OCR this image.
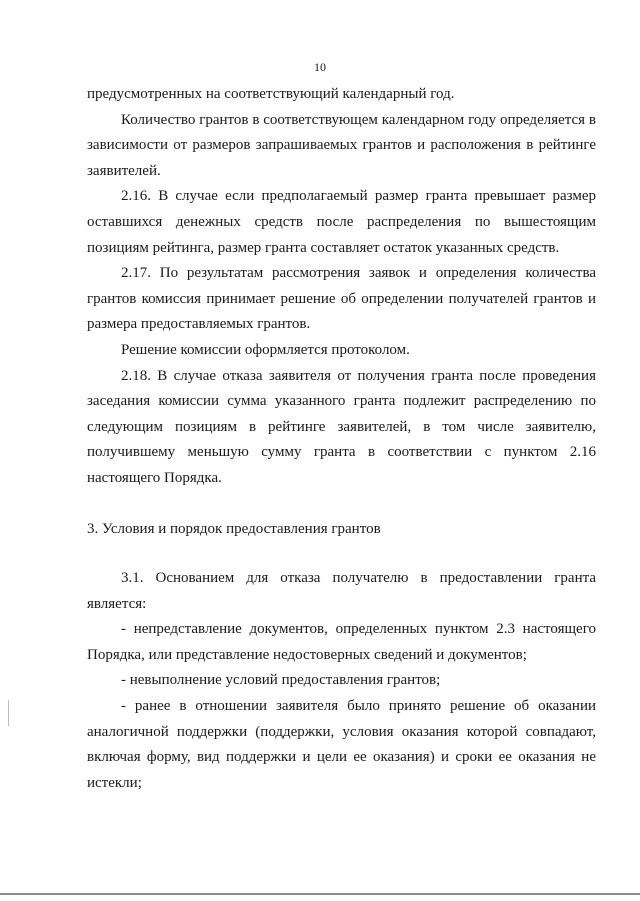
10

предусмотренных на соответствующий календарный год.

Количество грантов в соответствующем календарном году определяется в зависимости от размеров запрашиваемых грантов и расположения в рейтинге заявителей.

2.16. В случае если предполагаемый размер гранта превышает размер оставшихся денежных средств после распределения по вышестоящим позициям рейтинга, размер гранта составляет остаток указанных средств.

2.17. По результатам рассмотрения заявок и определения количества грантов комиссия принимает решение об определении получателей грантов и размера предоставляемых грантов.

Решение комиссии оформляется протоколом.

2.18. В случае отказа заявителя от получения гранта после проведения заседания комиссии сумма указанного гранта подлежит распределению по следующим позициям в рейтинге заявителей, в том числе заявителю, получившему меньшую сумму гранта в соответствии с пунктом 2.16 настоящего Порядка.

3. Условия и порядок предоставления грантов

3.1. Основанием для отказа получателю в предоставлении гранта является:

- непредставление документов, определенных пунктом 2.3 настоящего Порядка, или представление недостоверных сведений и документов;

- невыполнение условий предоставления грантов;

- ранее в отношении заявителя было принято решение об оказании аналогичной поддержки (поддержки, условия оказания которой совпадают, включая форму, вид поддержки и цели ее оказания) и сроки ее оказания не истекли;
